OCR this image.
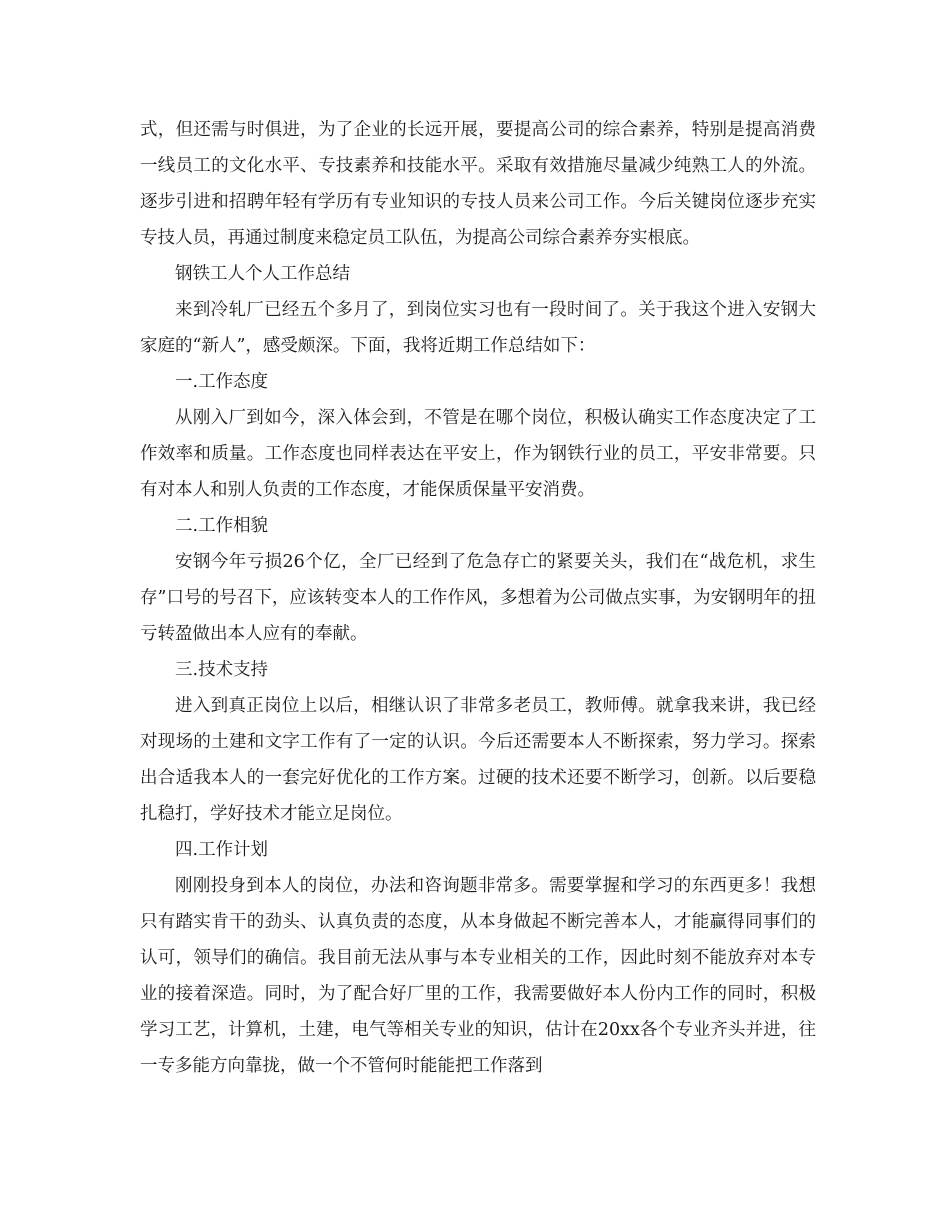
式，但还需与时俱进，为了企业的长远开展，要提高公司的综合素养，特别是提高消费一线员工的文化水平、专技素养和技能水平。采取有效措施尽量减少纯熟工人的外流。逐步引进和招聘年轻有学历有专业知识的专技人员来公司工作。今后关键岗位逐步充实专技人员，再通过制度来稳定员工队伍，为提高公司综合素养夯实根底。

钢铁工人个人工作总结

来到冷轧厂已经五个多月了，到岗位实习也有一段时间了。关于我这个进入安钢大家庭的“新人”，感受颇深。下面，我将近期工作总结如下：

一.工作态度

从刚入厂到如今，深入体会到，不管是在哪个岗位，积极认确实工作态度决定了工作效率和质量。工作态度也同样表达在平安上，作为钢铁行业的员工，平安非常要。只有对本人和别人负责的工作态度，才能保质保量平安消费。

二.工作相貌

安钢今年亏损26个亿，全厂已经到了危急存亡的紧要关头，我们在“战危机，求生存”口号的号召下，应该转变本人的工作作风，多想着为公司做点实事，为安钢明年的扭亏转盈做出本人应有的奉献。

三.技术支持

进入到真正岗位上以后，相继认识了非常多老员工，教师傅。就拿我来讲，我已经对现场的土建和文字工作有了一定的认识。今后还需要本人不断探索，努力学习。探索出合适我本人的一套完好优化的工作方案。过硬的技术还要不断学习，创新。以后要稳扎稳打，学好技术才能立足岗位。

四.工作计划

刚刚投身到本人的岗位，办法和咨询题非常多。需要掌握和学习的东西更多！我想只有踏实肯干的劲头、认真负责的态度，从本身做起不断完善本人，才能赢得同事们的认可，领导们的确信。我目前无法从事与本专业相关的工作，因此时刻不能放弃对本专业的接着深造。同时，为了配合好厂里的工作，我需要做好本人份内工作的同时，积极学习工艺，计算机，土建，电气等相关专业的知识，估计在20xx各个专业齐头并进，往一专多能方向靠拢，做一个不管何时能能把工作落到
